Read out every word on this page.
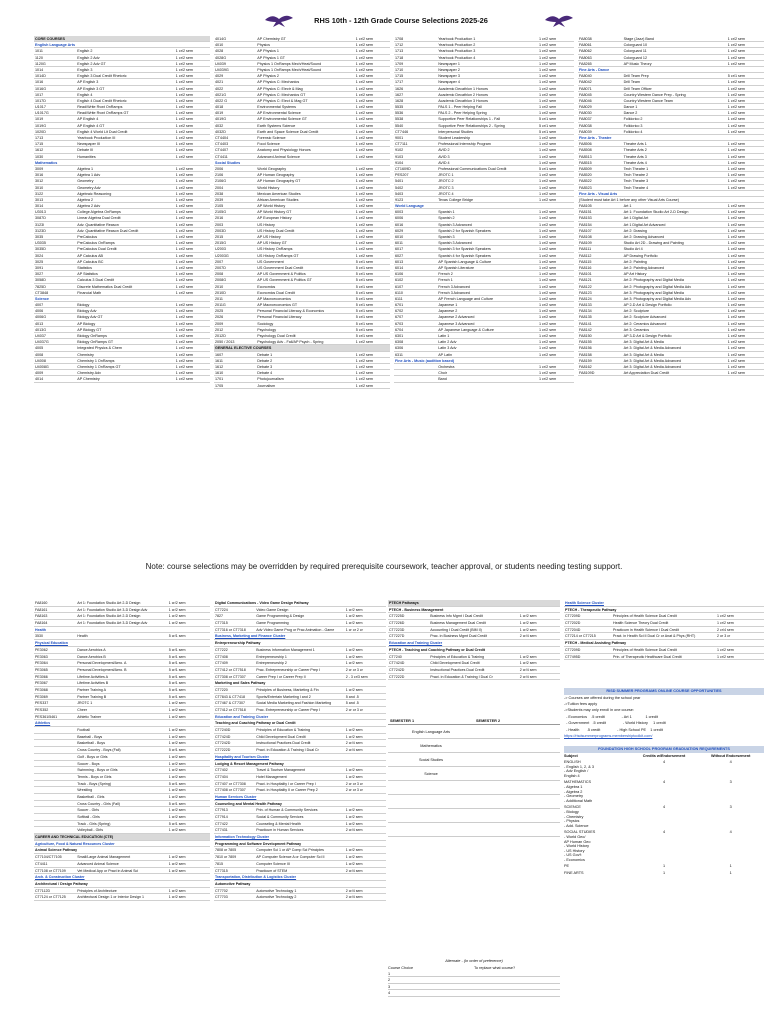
RHS 10th - 12th Grade Course Selections 2025-26
CORE COURSES
English Language Arts
1011	English 2	1 cr/2 sem
1120	English 2 Adv	1 cr/2 sem
1120G	English 2 Adv GT	1 cr/2 sem
1014	English 3	1 cr/2 sem
1014D	English 3 Dual Credit Rhetoric	1 cr/2 sem
1016	AP English 3	1 cr/2 sem
1016G	AP English 3 GT	1 cr/2 sem
1017	English 4	1 cr/2 sem
1017D	English 4 Dual Credit Rhetoric	1 cr/2 sem
U1017	Read/Write Rvwt OnRamps	1 cr/2 sem
U1017G	Read/Write Rvwt OnRamps GT	1 cr/2 sem
1019	AP English 4	1 cr/2 sem
1019G	AP English 4 GT	1 cr/2 sem
1020D	English 4 World Lit Dual Credit	1 cr/2 sem
1713	Yearbook Production III	1 cr/2 sem
1715	Newspaper III	1 cr/2 sem
1612	Debate III	1 cr/2 sem
1030	Humanities	1 cr/2 sem
Mathematics
3009	Algebra 1	1 cr/2 sem
3016	Algebra 1 Adv	1 cr/2 sem
3012	Geometry	1 cr/2 sem
3010	Geometry Adv	1 cr/2 sem
3122	Algebraic Reasoning	1 cr/2 sem
3013	Algebra 2	1 cr/2 sem
3014	Algebra 2 Adv	1 cr/2 sem
U3013	College Algebra OnRamps	1 cr/2 sem
3087D	Linear Algebra Dual Credit	1 cr/2 sem
3123I	Adv. Quantitative Reason	1 cr/2 sem
3123D	Adv. Quantitative Reason Dual Credit	1 cr/2 sem
3035	PreCalculus	1 cr/2 sem
U3035	PreCalculus OnRamps	1 cr/2 sem
3035D	PreCalculus Dual Credit	1 cr/2 sem
3024	AP Calculus AB	1 cr/2 sem
3025	AP Calculus BC	1 cr/2 sem
3091	Statistics	1 cr/2 sem
3027	AP Statistics	1 cr/2 sem
3058D	Calculus 3 Dual Credit	1 cr/2 sem
7825D	Discrete Mathematics Dual Credit	1 cr/2 sem
CT3848	Financial Math	1 cr/2 sem
Science
4007	Biology	1 cr/2 sem
4006	Biology Adv	1 cr/2 sem
4006G	Biology Adv GT	1 cr/2 sem
4013	AP Biology	1 cr/2 sem
4013G	AP Biology GT	1 cr/2 sem
U4037	Biology OnRamps	1 cr/2 sem
U4037G	Biology OnRamps GT	1 cr/2 sem
4005	Integrated Physics & Chem	1 cr/2 sem
4008	Chemistry	1 cr/2 sem
U4008	Chemistry 1 OnRamps	1 cr/2 sem
U4008G	Chemistry 1 OnRamps GT	1 cr/2 sem
4009	Chemistry Adv	1 cr/2 sem
4014	AP Chemistry	1 cr/2 sem
4014G	AP Chemistry GT	1 cr/2 sem
4010	Physics	1 cr/2 sem
4028	AP Physics 1	1 cr/2 sem
4028G	AP Physics 1 GT	1 cr/2 sem
U4039	Physics 1 OnRamps Mech/Heat/Sound	1 cr/2 sem
U4039G	Physics 1 OnRamps Mech/Heat/Sound	1 cr/2 sem
4029	AP Physics 2	1 cr/2 sem
4021	AP Physics C: Mechanics	1 cr/2 sem
4022	AP Physics C: Electr & Mag	1 cr/2 sem
4021G	AP Physics C: Mechanics GT	1 cr/2 sem
4022 G	AP Physics C: Elect & Mag GT	1 cr/2 sem
4018	Environmental Systems	1 cr/2 sem
4019	AP Environmental Science	1 cr/2 sem
4019G	AP Environmental Science GT	1 cr/2 sem
4032	Earth Systems Science	1 cr/2 sem
4032D	Earth and Space Science Dual Credit	1 cr/2 sem
CT4404	Forensic Science	1 cr/2 sem
CT4403	Food Science	1 cr/2 sem
CT4407	Anatomy and Physiology Honors	1 cr/2 sem
CT4411	Advanced Animal Science	1 cr/2 sem
Social Studies
2006	World Geography	1 cr/2 sem
2106	AP Human Geography	1 cr/2 sem
2106G	AP Human Geography GT	1 cr/2 sem
2004	World History	1 cr/2 sem
2038	Mexican American Studies	1 cr/2 sem
2039	African American Studies	1 cr/2 sem
2105	AP World History	1 cr/2 sem
2105G	AP World History GT	1 cr/2 sem
2016	AP European History	1 cr/2 sem
2003	US History	1 cr/2 sem
2003D	US History Dual Credit	1 cr/2 sem
2015	AP US History	1 cr/2 sem
2015G	AP US History GT	1 cr/2 sem
U2003	US History OnRamps	1 cr/2 sem
U2003G	US History OnRamps GT	1 cr/2 sem
2007	US Government	5 cr/1 sem
2007D	US Government Dual Credit	5 cr/1 sem
2008	AP US Government & Politics	5 cr/1 sem
2008G	AP US Government & Politics GT	5 cr/1 sem
2010	Economics	5 cr/1 sem
2010D	Economics Dual Credit	5 cr/1 sem
2011	AP Macroeconomics	5 cr/1 sem
2011G	AP Macroeconomics GT	5 cr/1 sem
2025	Personal Financial Literacy & Economics	5 cr/1 sem
2026	Personal Financial Literacy	5 cr/1 sem
2009	Sociology	5 cr/1 sem
2012	Psychology	5 cr/1 sem
2012D	Psychology Dual Credit	5 cr/1 sem
2050 / 2013	Psychology Adv - Fall/AP Psych - Spring	1 cr/2 sem
GENERAL ELECTIVE COURSES
1607	Debate 1	1 cr/2 sem
1611	Debate 2	1 cr/2 sem
1612	Debate 3	1 cr/2 sem
1610	Debate 4	1 cr/2 sem
1701	Photojournalism	1 cr/2 sem
1705	Journalism	1 cr/2 sem
1708	Yearbook Production 1	1 cr/2 sem
1712	Yearbook Production 2	1 cr/2 sem
1713	Yearbook Production 3	1 cr/2 sem
1718	Yearbook Production 4	1 cr/2 sem
1709	Newspaper 1	1 cr/2 sem
1710	Newspaper 2	1 cr/2 sem
1715	Newspaper 3	1 cr/2 sem
1717	Newspaper 4	1 cr/2 sem
1626	Academic Decathlon 1 Honors	1 cr/2 sem
1627	Academic Decathlon 2 Honors	1 cr/2 sem
1628	Academic Decathlon 3 Honors	1 cr/2 sem
5535	PALS 1 - Peer Helping Fall	1 cr/2 sem
5536	PALS 2 - Peer Helping Spring	1 cr/2 sem
5538	Supportive Peer Relationships 1 - Fall	5 cr/1 sem
5540	Supportive Peer Relationships 2 - Spring	5 cr/1 sem
CT7446	Interpersonal Studies	5 cr/1 sem
9001	Student Leadership	1 cr/2 sem
CT7111	Professional Internship Program	1 cr/2 sem
9102	AVID 2	1 cr/2 sem
9103	AVID 3	1 cr/2 sem
9104	AVID 4	1 cr/2 sem
CT1609D	Professional Communications Dual Credit	5 cr/1 sem
PES207	JROTC 1	1 cr/2 sem
5401	JROTC 2	1 cr/2 sem
5402	JROTC 3	1 cr/2 sem
5403	JROTC 4	1 cr/2 sem
9123	Texas College Bridge	1 cr/2 sem
World Language
6003	Spanish 1	1 cr/2 sem
6006	Spanish 2	1 cr/2 sem
6016	Spanish 3 Advanced	1 cr/2 sem
6029	Spanish 2 for Spanish Speakers	1 cr/2 sem
6010	Spanish 3	1 cr/2 sem
6011	Spanish 3 Advanced	1 cr/2 sem
6017	Spanish 3 for Spanish Speakers	1 cr/2 sem
6027	Spanish 4 for Spanish Speakers	1 cr/2 sem
6013	AP Spanish Language & Culture	1 cr/2 sem
6014	AP Spanish Literature	1 cr/2 sem
6106	French 2	1 cr/2 sem
6102	French 1	1 cr/2 sem
6107	French 3 Advanced	1 cr/2 sem
6110	French 3 Advanced	1 cr/2 sem
6111	AP French Language and Culture	1 cr/2 sem
6701	Japanese 1	1 cr/2 sem
6702	Japanese 2	1 cr/2 sem
6707	Japanese 2 Advanced	1 cr/2 sem
6703	Japanese 3 Advanced	1 cr/2 sem
6704	AP Japanese Language & Culture	1 cr/2 sem
6301	Latin 1	1 cr/2 sem
6308	Latin 2 Adv	1 cr/2 sem
6306	Latin 3 Adv	1 cr/2 sem
6311	AP Latin	1 cr/2 sem
Fine Arts - Music (audition based)
Orchestra	1 cr/2 sem
Choir	1 cr/2 sem
Band	1 cr/2 sem
FA8038	Stage (Jazz) Band	1 cr/2 sem
FA8061	Colorguard 10	1 cr/2 sem
FA8062	Colorguard 11	1 cr/2 sem
FA8063	Colorguard 12	1 cr/2 sem
FA8265	AP Music Theory	1 cr/2 sem
Fine Arts - Dance
FA8040	Drill Team Prep	5 cr/1 sem
FA8042	Drill Team	1 cr/2 sem
FA8071	Drill Team Officer	1 cr/2 sem
FA8045	Country Western Dance Prep - Spring	1 cr/2 sem
FA8046	Country Western Dance Team	1 cr/2 sem
FA8029	Dance 1	1 cr/2 sem
FA8030	Dance 2	1 cr/2 sem
FA8037	Folklorico 2	1 cr/2 sem
FA8038	Folklorico 3	1 cr/2 sem
FA8039	Folklorico 4	1 cr/2 sem
Fine Arts - Theatre
FA8506	Theatre Arts 1	1 cr/2 sem
FA8508	Theatre Arts 2	1 cr/2 sem
FA8513	Theatre Arts 3	1 cr/2 sem
FA8515	Theatre Arts 4	1 cr/2 sem
FA8509	Tech Theatre 1	1 cr/2 sem
FA8520	Tech Theatre 2	1 cr/2 sem
FA8522	Tech Theatre 3	1 cr/2 sem
FA8523	Tech Theatre 4	1 cr/2 sem
Fine Arts - Visual Arts
(Student must take Art 1 before any other Visual Arts Course)
FA8105	Art 1	1 cr/2 sem
FA8151	Art 1: Foundation Studio Art 2-D Design	1 cr/2 sem
FA8153	Art 1 Digital Art	1 cr/2 sem
FA8154	Art 1 Digital Art Advanced	1 cr/2 sem
FA8107	Art 2: Drawing	1 cr/2 sem
FA8108	Art 2: Drawing Advanced	1 cr/2 sem
FA8109	Studio Art 2D - Drawing and Painting	1 cr/2 sem
FA8111	Studio Art 4	1 cr/2 sem
FA8112	AP Drawing Portfolio	1 cr/2 sem
FA8115	Art 2: Painting	1 cr/2 sem
FA8116	Art 2: Painting Advanced	1 cr/2 sem
FA8101	AP Art History	1 cr/2 sem
FA8121	Art 2: Photography and Digital Media	1 cr/2 sem
FA8122	Art 2: Photography and Digital Media Adv	1 cr/2 sem
FA8123	Art 3: Photography and Digital Media	1 cr/2 sem
FA8124	Art 3: Photography and Digital Media Adv	1 cr/2 sem
FA8133	AP 2-D Art & Design Portfolio	1 cr/2 sem
FA8134	Art 2: Sculpture	1 cr/2 sem
FA8135	Art 2: Sculpture Advanced	1 cr/2 sem
FA8141	Art 2: Ceramics Advanced	1 cr/2 sem
FA8142	Art 3: Ceramics	1 cr/2 sem
FA8150	AP 3-D Art & Design Portfolio	1 cr/2 sem
FA8155	Art 3: Digital Art & Media	1 cr/2 sem
FA8156	Art 3: Digital Art & Media Advanced	1 cr/2 sem
FA8158	Art 3: Digital Art & Media	1 cr/2 sem
FA8159	Art 3: Digital Art & Media Advanced	1 cr/2 sem
FA8162	Art 3: Digital Art & Media Advanced	1 cr/2 sem
FA8109D	Art Appreciation Dual Credit	1 cr/2 sem
Note: course selections may be overridden by required prerequisite coursework, teacher approval, or students needing testing support.
FA8160	Art 1: Foundation Studio Art 2-D Design	1 cr/2 sem
FA8161	Art 1: Foundation Studio Art 3-D Design Adv	1 cr/2 sem
FA8163	Art 1: Foundation Studio Art 2-D Design	1 cr/2 sem
FA8164	Art 1: Foundation Studio Art 3-D Design Adv	1 cr/2 sem
Health
3530	Health	5 cr/1 sem
Physical Education
PE3062	Dance Aerobics A	5 cr/1 sem
PE3063	Dance Aerobics B	5 cr/1 sem
PE3064	Personal Development/Aero. A	5 cr/1 sem
PE3065	Personal Development/Aero. B	5 cr/1 sem
PE3066	Lifetime Activities A	5 cr/1 sem
PE3067	Lifetime Activities B	5 cr/1 sem
PE3068	Partner Training A	5 cr/1 sem
PE3069	Partner Training B	5 cr/1 sem
PES337	JROTC 1	1 cr/2 sem
PES352	Cheer	1 cr/2 sem
PES361/5461	Athletic Trainer	1 cr/2 sem
Athletics
Football	1 cr/2 sem
Baseball - Boys	1 cr/2 sem
Basketball - Boys	1 cr/2 sem
Cross Country - Boys (Fall)	5 cr/1 sem
Golf - Boys or Girls	1 cr/2 sem
Soccer - Boys	1 cr/2 sem
Swimming - Boys or Girls	1 cr/2 sem
Tennis - Boys or Girls	1 cr/2 sem
Track - Boys (Spring)	5 cr/1 sem
Wrestling	1 cr/2 sem
Basketball - Girls	1 cr/2 sem
Cross Country - Girls (Fall)	5 cr/1 sem
Soccer - Girls	1 cr/2 sem
Softball - Girls	1 cr/2 sem
Track - Girls (Spring)	5 cr/1 sem
Volleyball - Girls	1 cr/2 sem
CAREER AND TECHNICAL EDUCATION (CTE)
Agriculture, Food & Natural Resources Cluster
Animal Science Pathway
CT7104/CT7105	Small/Large Animal Management	1 cr/2 sem
CT4411	Advanced Animal Science	1 cr/2 sem
CT7108 or CT7109	Vet Medical App or Pract in Animal Sci	1 cr/2 sem
Arch. & Construction Cluster
Architectural / Design Pathway
CT7112D	Principles of Architecture	1 cr/2 sem
CT7124 or CT7125	Architectural Design 1 or Interior Design 1	1 cr/2 sem
Digital Communications - Video Game Design Pathway
CT7224	Video Game Design	1 cr/2 sem
7827	Game Programming & Design	1 cr/2 sem
CT7315	Game Programming	1 cr/2 sem
CT7316 or CT7318	Adv Video Game Prog or Prac Animation - Game	1 cr or 2 cr
Business, Marketing and Finance Cluster
Entrepreneurship Pathway
CT7222	Business Information Management 1	1 cr/2 sem
CT7408	Entrepreneurship 1	1 cr/2 sem
CT7409	Entrepreneurship 2	1 cr/2 sem
CT7412 or CT7518	Prac. Entrepreneurship or Career Prep I	2 cr or 3 cr
CT7308 or CT7307	Career Prep I or Career Prep II	2 - 3 cr/3 sem
Marketing and Sales Pathway
CT7220	Principles of Business, Marketing & Fin	1 cr/2 sem
CT7843 & CT7418	Sports/Entertain Marketing I and 2	5 and .5
CT7467 & CT7307	Social Media Marketing and Fashion Marketing	5 and .5
CT7412 or CT7518	Prac. Entrepreneurship or Career Prep I	2 cr or 3 cr
Education and Training Cluster
Teaching and Coaching Pathway or Dual Credit
CT7240D	Principles of Education & Training	1 cr/2 sem
CT7424D	Child Development Dual Credit	1 cr/2 sem
CT7242D	Instructional Practices Dual Credit	2 cr/4 sem
CT7222D	Pract. in Education & Training I Dual Cr	2 cr/4 sem
Hospitality and Tourism Cluster
Lodging & Resort Management Pathway
CT7402	Travel & Tourism Management	1 cr/2 sem
CT7404	Hotel Management	1 cr/2 sem
CT7407 or CT7308	Pract. in Hospitality I or Career Prep I	2 cr or 3 cr
CT7408 or CT7307	Pract. in Hospitality II or Career Prep 2	2 cr or 3 cr
Human Services Cluster
Counseling and Mental Health Pathway
CT7913	Prin. of Human & Community Services	1 cr/2 sem
CT7914	Social & Community Services	1 cr/2 sem
CT7422	Counseling & Mental Health	1 cr/2 sem
CT7431	Practicum in Human Services	2 cr/4 sem
Information Technology Cluster
Programming and Software Development Pathway
7808 or 7805	Computer Sci 1 or AP Comp Sci Principles	1 cr/2 sem
7810 or 7809	AP Computer Science A or Computer Sci II	1 cr/2 sem
7815	Computer Science III	1 cr/2 sem
CT7315	Practicum of STEM	2 cr/4 sem
Transportation, Distribution & Logistics Cluster
Automotive Pathway
CT7702	Automotive Technology 1	2 cr/4 sem
CT7703	Automotive Technology 2	2 cr/4 sem
PTECH Pathways
PTECH - Business Management
CT7225D	Business Info Mgmt I Dual Credit	1 cr/2 sem
CT7226D	Business Management Dual Credit	1 cr/2 sem
CT7223D	Accounting I Dual Credit (BIM II)	1 cr/2 sem
CT7227D	Prac. in Business Mgmt Dual Credit	2 cr/4 sem
Education and Training Cluster
PTECH - Teaching and Coaching Pathway or Dual Credit
CT7240	Principles of Education & Training	1 cr/2 sem
CT7424D	Child Development Dual Credit	1 cr/2 sem
CT7242D	Instructional Practices Dual Credit	2 cr/4 sem
CT7222D	Pract. in Education & Training I Dual Cr	2 cr/4 sem
SEMESTER 1	SEMESTER 2
English Language Arts
Mathematics
Social Studies
Science
Alternate - (In order of preference)
Course Choice	To replace what course?
1
2
3
4
Health Science Cluster
PTECH - Therapeutic Pathway
CT7209D	Principles of Health Science Dual Credit	1 cr/2 sem
CT7202D	Health Science Theory Dual Credit	1 cr/2 sem
CT7204D	Practicum in Health Science I Dual Credit	2 cr/4 sem
CT7214 or CT7215	Pract. in Health Sci II Dual Cr or Anat & Phys (RHT)	2 or 3 cr
PTECH - Medical Assisting Pathway
CT7209D	Principles of Health Science Dual Credit	1 cr/2 sem
CT7495D	Prin. of Therapeutic Healthcare Dual Credit	1 cr/2 sem
RISD SUMMER PROGRAMS ONLINE COURSE OPPORTUNITIES
-> Courses are offered during the school year
->Tuition fees apply
->Students may only enroll in one course:
- Economics    .5 credit                - Art 1             1 credit
- Government   .5 credit                - World History     1 credit
- Health       .5 credit                - High School PE    1 credit
https://risdsummerprograms.membershiptoolkit.com/
FOUNDATION HIGH SCHOOL PROGRAM GRADUATION REQUIREMENTS
Subject	Credits w/Endorsement	Without Endorsement
ENGLISH
- English 1, 2, & 3
- Adv English /
English 4
4	4
MATHEMATICS
- Algebra 1
- Algebra 2
- Geometry
- Additional Math
4	3
SCIENCE
- Biology
- Chemistry
- Physics
- Add. Science
4	3
SOCIAL STUDIES
- World Geo/
AP Human Geo
- World History
- US History
- US Gov't
- Economics
4	4
PE	1	1
FINE ARTS	1	1
